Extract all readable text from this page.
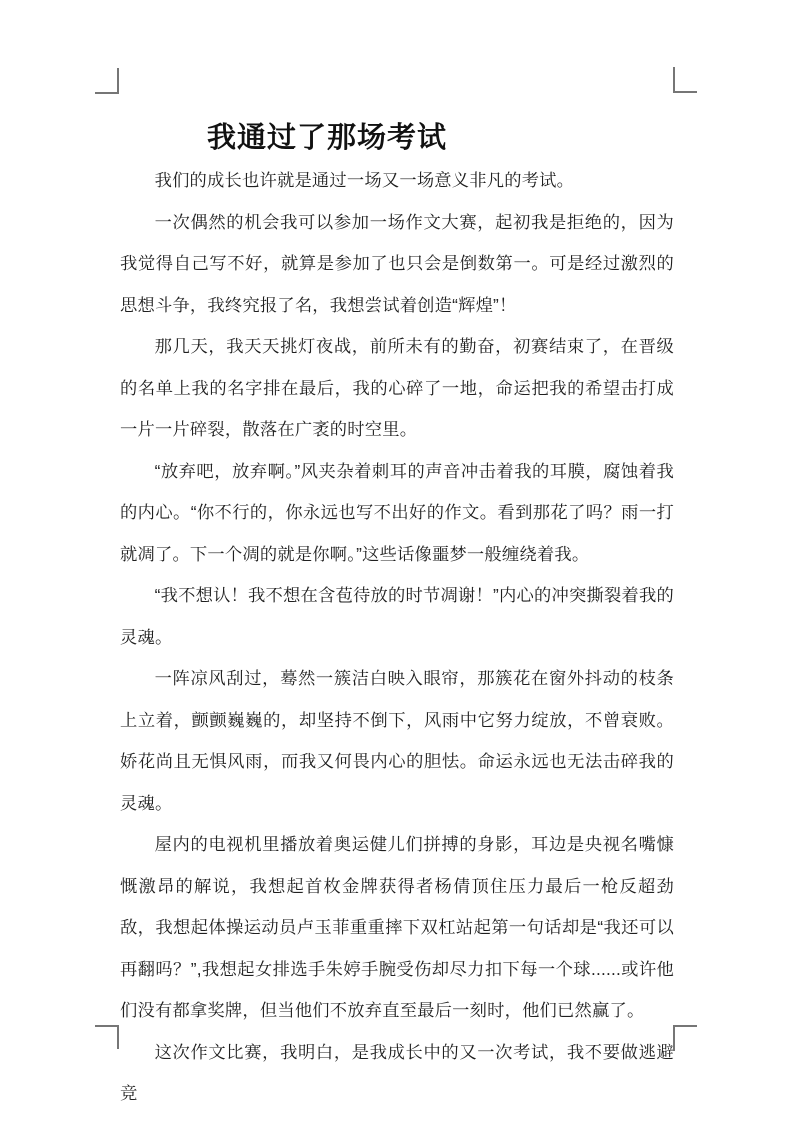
我通过了那场考试

我们的成长也许就是通过一场又一场意义非凡的考试。

一次偶然的机会我可以参加一场作文大赛，起初我是拒绝的，因为我觉得自己写不好，就算是参加了也只会是倒数第一。可是经过激烈的思想斗争，我终究报了名，我想尝试着创造“辉煌”！

那几天，我天天挑灯夜战，前所未有的勤奋，初赛结束了，在晋级的名单上我的名字排在最后，我的心碎了一地，命运把我的希望击打成一片一片碎裂，散落在广袤的时空里。

“放弃吧，放弃啊。”风夹杂着刺耳的声音冲击着我的耳膜，腐蚀着我的内心。“你不行的，你永远也写不出好的作文。看到那花了吗？雨一打就凋了。下一个凋的就是你啊。”这些话像噩梦一般缠绕着我。

“我不想认！我不想在含苞待放的时节凋谢！”内心的冲突撕裂着我的灵魂。

一阵凉风刮过，蓦然一簇洁白映入眼帘，那簇花在窗外抖动的枝条上立着，颤颤巍巍的，却坚持不倒下，风雨中它努力绽放，不曾衰败。娇花尚且无惧风雨，而我又何畏内心的胆怯。命运永远也无法击碎我的灵魂。

屋内的电视机里播放着奥运健儿们拼搏的身影，耳边是央视名嘴慷慨激昂的解说，我想起首枚金牌获得者杨倩顶住压力最后一枪反超劲敌，我想起体操运动员卢玉菲重重摔下双杠站起第一句话却是“我还可以再翻吗？”,我想起女排选手朱婷手腕受伤却尽力扣下每一个球......或许他们没有都拿奖牌，但当他们不放弃直至最后一刻时，他们已然赢了。

这次作文比赛，我明白，是我成长中的又一次考试，我不要做逃避竞
